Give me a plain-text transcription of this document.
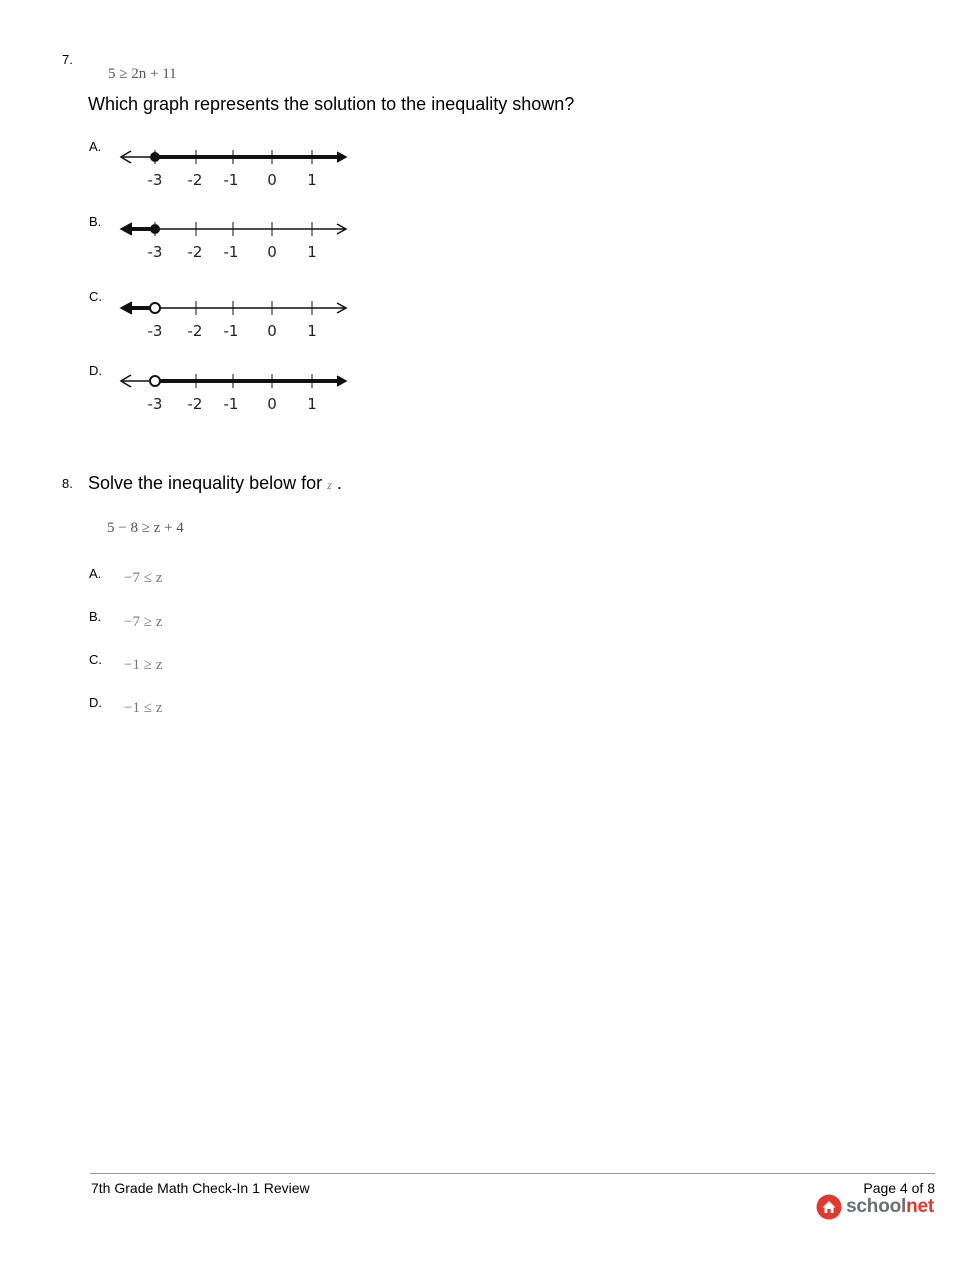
7.
5 ≥ 2n + 11
Which graph represents the solution to the inequality shown?
A.
-3 -2 -1 0 1
B.
-3 -2 -1 0 1
C.
-3 -2 -1 0 1
D.
-3 -2 -1 0 1
8. Solve the inequality below for z .
5 − 8 ≥ z + 4
A. −7 ≤ z
B. −7 ≥ z
C. −1 ≥ z
D. −1 ≤ z
7th Grade Math Check-In 1 Review	Page 4 of 8
schoolnet
